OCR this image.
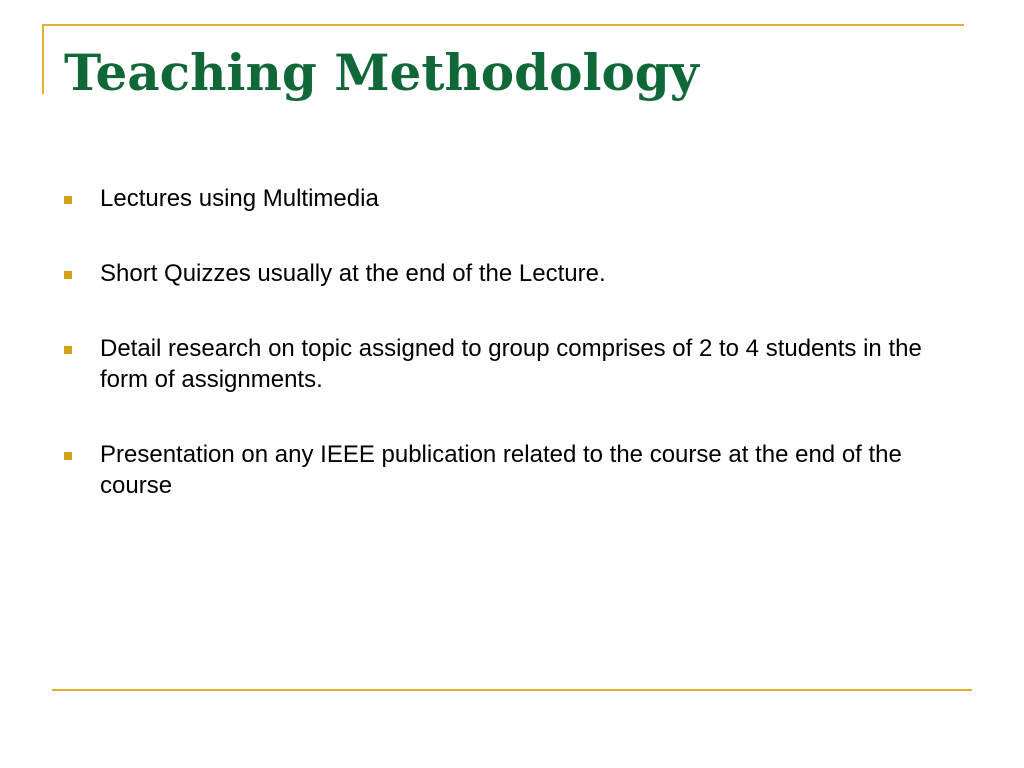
Teaching Methodology
Lectures using Multimedia
Short Quizzes usually at the end of the Lecture.
Detail research on topic assigned to group comprises of 2 to 4 students in the form of assignments.
Presentation on any IEEE publication related to the course at the end of the course
